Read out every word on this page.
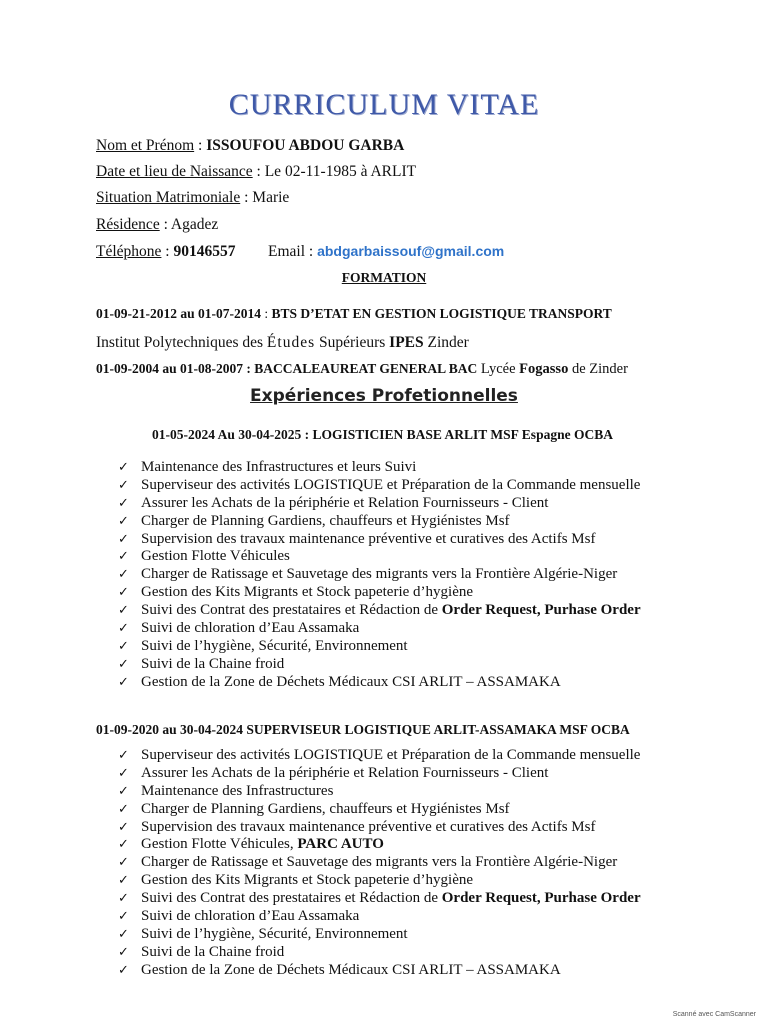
CURRICULUM VITAE
Nom et Prénom : ISSOUFOU ABDOU GARBA
Date et lieu de Naissance : Le 02-11-1985 à ARLIT
Situation Matrimoniale : Marie
Résidence : Agadez
Téléphone : 90146557 Email : abdgarbaissouf@gmail.com
FORMATION
01-09-21-2012 au 01-07-2014 : BTS D’ETAT EN GESTION LOGISTIQUE TRANSPORT
Institut Polytechniques des Études Supérieurs IPES Zinder
01-09-2004 au 01-08-2007 : BACCALEAUREAT GENERAL BAC Lycée Fogasso de Zinder
Expériences Profetionnelles
01-05-2024 Au 30-04-2025 : LOGISTICIEN BASE ARLIT MSF Espagne OCBA
✓ Maintenance des Infrastructures et leurs Suivi
✓ Superviseur des activités LOGISTIQUE et Préparation de la Commande mensuelle
✓ Assurer les Achats de la périphérie et Relation Fournisseurs - Client
✓ Charger de Planning Gardiens, chauffeurs et Hygiénistes Msf
✓ Supervision des travaux maintenance préventive et curatives des Actifs Msf
✓ Gestion Flotte Véhicules
✓ Charger de Ratissage et Sauvetage des migrants vers la Frontière Algérie-Niger
✓ Gestion des Kits Migrants et Stock papeterie d’hygiène
✓ Suivi des Contrat des prestataires et Rédaction de Order Request, Purhase Order
✓ Suivi de chloration d’Eau Assamaka
✓ Suivi de l’hygiène, Sécurité, Environnement
✓ Suivi de la Chaine froid
✓ Gestion de la Zone de Déchets Médicaux CSI ARLIT – ASSAMAKA
01-09-2020 au 30-04-2024 SUPERVISEUR LOGISTIQUE ARLIT-ASSAMAKA MSF OCBA
✓ Superviseur des activités LOGISTIQUE et Préparation de la Commande mensuelle
✓ Assurer les Achats de la périphérie et Relation Fournisseurs - Client
✓ Maintenance des Infrastructures
✓ Charger de Planning Gardiens, chauffeurs et Hygiénistes Msf
✓ Supervision des travaux maintenance préventive et curatives des Actifs Msf
✓ Gestion Flotte Véhicules, PARC AUTO
✓ Charger de Ratissage et Sauvetage des migrants vers la Frontière Algérie-Niger
✓ Gestion des Kits Migrants et Stock papeterie d’hygiène
✓ Suivi des Contrat des prestataires et Rédaction de Order Request, Purhase Order
✓ Suivi de chloration d’Eau Assamaka
✓ Suivi de l’hygiène, Sécurité, Environnement
✓ Suivi de la Chaine froid
✓ Gestion de la Zone de Déchets Médicaux CSI ARLIT – ASSAMAKA
Scanné avec CamScanner
